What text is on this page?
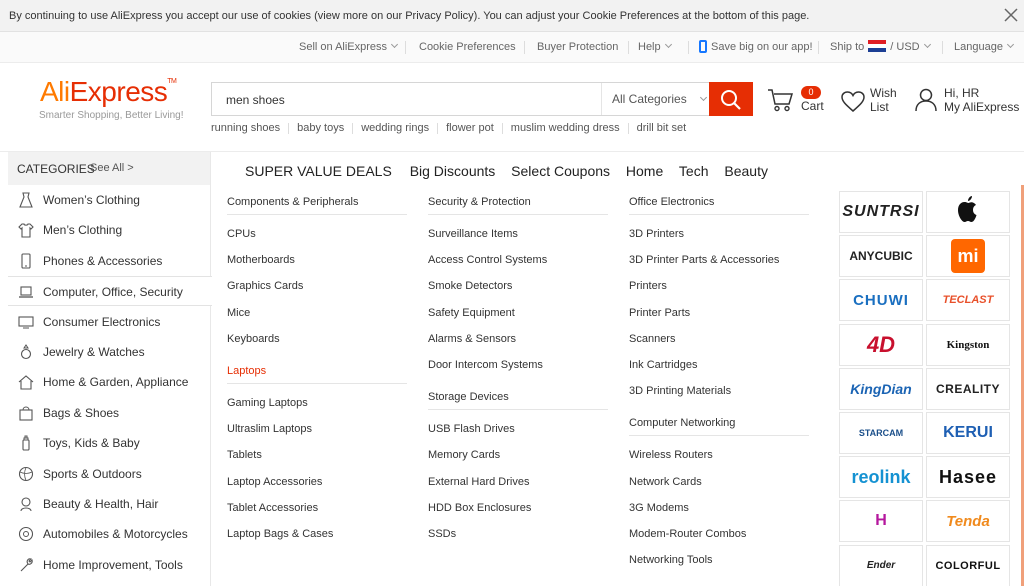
By continuing to use AliExpress you accept our use of cookies (view more on our Privacy Policy). You can adjust your Cookie Preferences at the bottom of this page.
Sell on AliExpress	Cookie Preferences Buyer Protection Help	Save big on our app! Ship to / USD	Language
AliExpress™
Smarter Shopping, Better Living!
men shoes	All Categories
running shoes baby toys wedding rings flower pot muslim wedding dress drill bit set
0
Cart
Wish
List
Hi, HR
My AliExpress
CATEGORIES
See All >	SUPER VALUE DEALS Big Discounts Select Coupons Home Tech Beauty
Women’s Clothing
Men’s Clothing
Phones & Accessories
Computer, Office, Security
Consumer Electronics
Jewelry & Watches
Home & Garden, Appliance
Bags & Shoes
Toys, Kids & Baby
Sports & Outdoors
Beauty & Health, Hair
Automobiles & Motorcycles
Home Improvement, Tools
Components & Peripherals
CPUs
Motherboards
Graphics Cards
Mice
Keyboards
Laptops
Gaming Laptops
Ultraslim Laptops
Tablets
Laptop Accessories
Tablet Accessories
Laptop Bags & Cases
Security & Protection
Surveillance Items
Access Control Systems
Smoke Detectors
Safety Equipment
Alarms & Sensors
Door Intercom Systems
Storage Devices
USB Flash Drives
Memory Cards
External Hard Drives
HDD Box Enclosures
SSDs
Office Electronics
3D Printers
3D Printer Parts & Accessories
Printers
Printer Parts
Scanners
Ink Cartridges
3D Printing Materials
Computer Networking
Wireless Routers
Network Cards
3G Modems
Modem-Router Combos
Networking Tools
SUNTRSI
ANYCUBIC	mi
CHUWI	TECLAST
4D	Kingston
KingDian CREALITY
STARCAM KERUI
reolink Hasee
H	Tenda
Ender	COLORFUL
